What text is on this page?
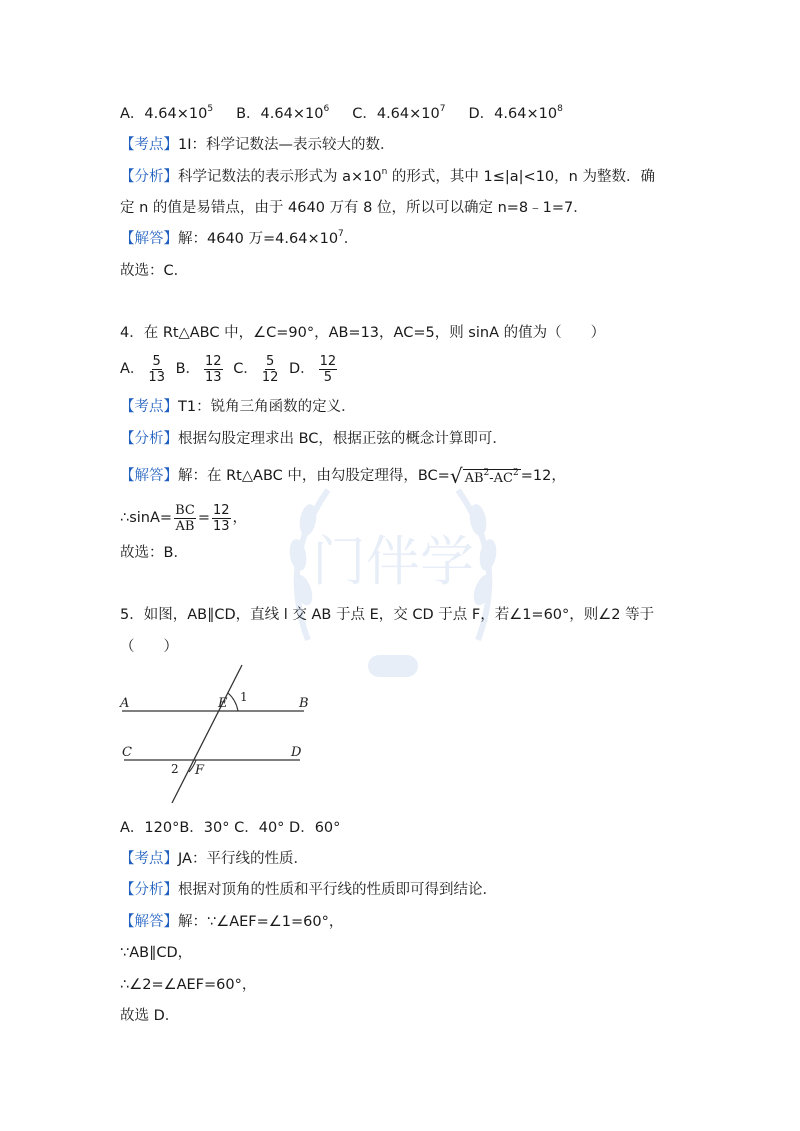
门伴学
A．$4.64\times 10^5$ B．$4.64\times 10^6$ C．$4.64\times 10^7$ D．$4.64\times 10^8$
【考点】1I：科学记数法—表示较大的数．
【分析】科学记数法的表示形式为 $a\times 10^n$ 的形式，其中 1≤|a|<10，n 为整数．确
定 n 的值是易错点，由于 4640 万有 8 位，所以可以确定 n=8﹣1=7．
【解答】解：4640 万$=4.64\times 10^7$．
故选：C．
4．在 Rt△ABC 中，∠C=90°，AB=13，AC=5，则 sinA 的值为（　　）
A． $\frac{5}{13}$ B． $\frac{12}{13}$ C． $\frac{5}{12}$ D． $\frac{12}{5}$
【考点】T1：锐角三角函数的定义．
【分析】根据勾股定理求出 BC，根据正弦的概念计算即可．
【解答】解：在 Rt△ABC 中，由勾股定理得，BC= √ $AB^2-AC^2 =12$，
∴sinA= $\frac{BC}{AB} = \frac{12}{13}$ ，
故选：B．
5．如图，AB∥CD，直线 l 交 AB 于点 E，交 CD 于点 F，若∠1=60°，则∠2 等于
（　　）
A	B
C	D
E
F
1
2
A．120°B．30° C．40° D．60°
【考点】JA：平行线的性质．
【分析】根据对顶角的性质和平行线的性质即可得到结论．
【解答】解：∵∠AEF=∠1=60°，
∵AB∥CD，
∴∠2=∠AEF=60°，
故选 D．
